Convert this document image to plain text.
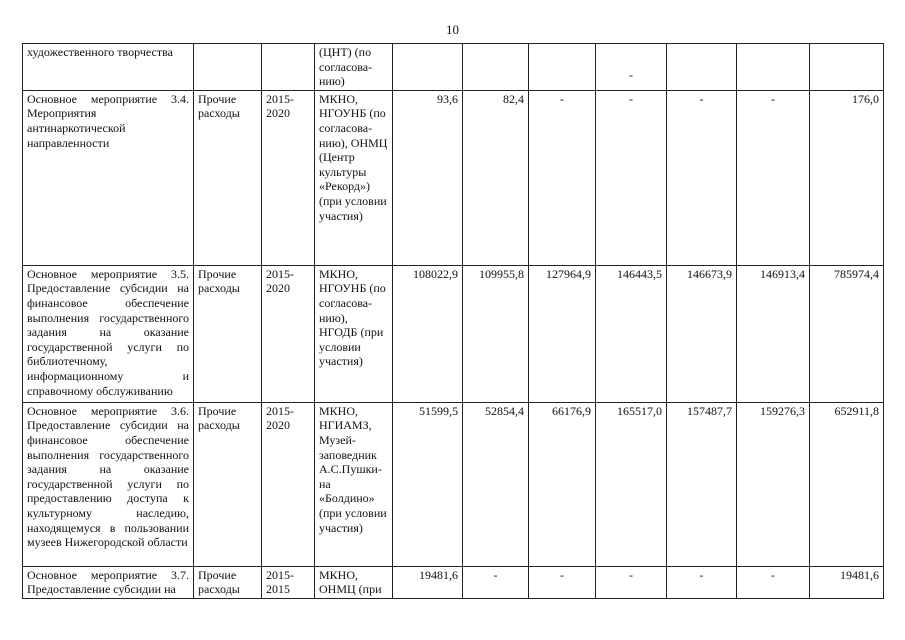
10
художественного творчества			(ЦНТ) (по согласова-нию)				-			
Основное мероприятие 3.4. Мероприятия антинаркотической направленности	Прочие расходы	2015-2020	МКНО, НГОУНБ (по согласова-нию), ОНМЦ (Центр культуры «Рекорд») (при условии участия)	93,6	82,4	-	-	-	-	176,0
Основное мероприятие 3.5. Предоставление субсидии на финансовое обеспечение выполнения государственного задания на оказание государственной услуги по библиотечному, информационному и справочному обслуживанию	Прочие расходы	2015-2020	МКНО, НГОУНБ (по согласова-нию), НГОДБ (при условии участия)	108022,9	109955,8	127964,9	146443,5	146673,9	146913,4	785974,4
Основное мероприятие 3.6. Предоставление субсидии на финансовое обеспечение выполнения государственного задания на оказание государственной услуги по предоставлению доступа к культурному наследию, находящемуся в пользовании музеев Нижегородской области	Прочие расходы	2015-2020	МКНО, НГИАМЗ, Музей-заповедник А.С.Пушки-на «Болдино» (при условии участия)	51599,5	52854,4	66176,9	165517,0	157487,7	159276,3	652911,8
Основное мероприятие 3.7. Предоставление субсидии на	Прочие расходы	2015-2015	МКНО, ОНМЦ (при	19481,6	-	-	-	-	-	19481,6
